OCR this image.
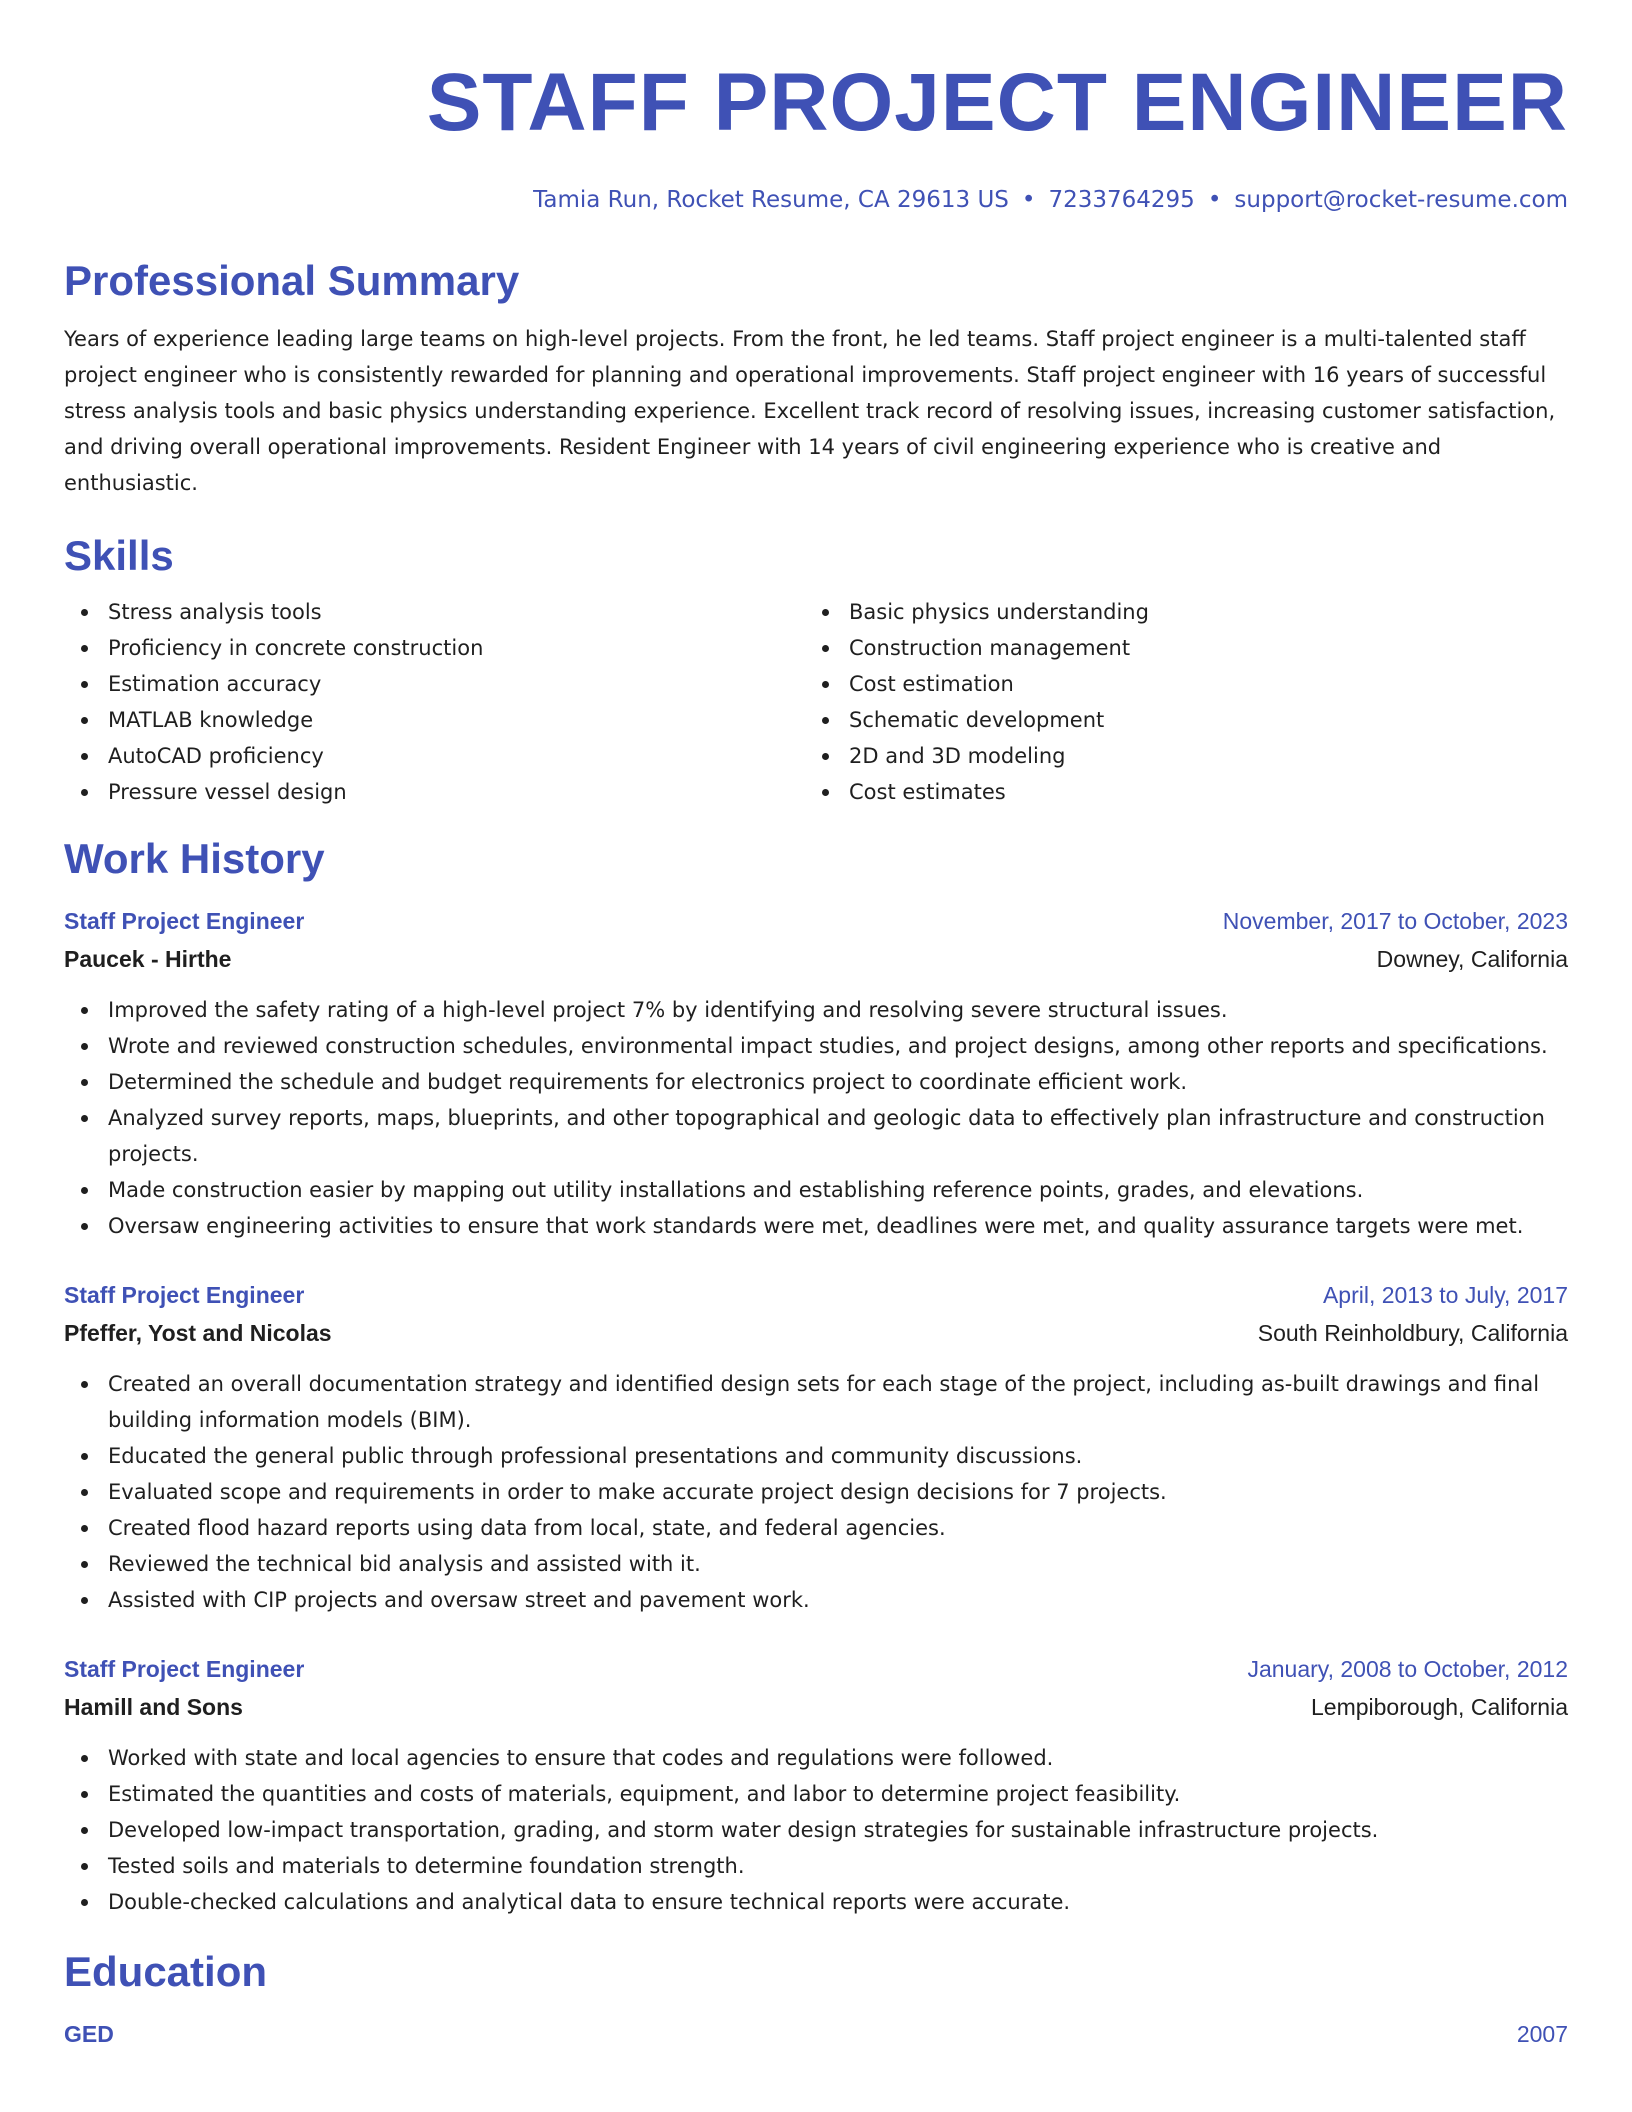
STAFF PROJECT ENGINEER
Tamia Run, Rocket Resume, CA 29613 US • 7233764295 • support@rocket-resume.com
Professional Summary
Years of experience leading large teams on high-level projects. From the front, he led teams. Staff project engineer is a multi-talented staff project engineer who is consistently rewarded for planning and operational improvements. Staff project engineer with 16 years of successful stress analysis tools and basic physics understanding experience. Excellent track record of resolving issues, increasing customer satisfaction, and driving overall operational improvements. Resident Engineer with 14 years of civil engineering experience who is creative and enthusiastic.
Skills
Stress analysis tools
Proficiency in concrete construction
Estimation accuracy
MATLAB knowledge
AutoCAD proficiency
Pressure vessel design
Basic physics understanding
Construction management
Cost estimation
Schematic development
2D and 3D modeling
Cost estimates
Work History
Staff Project Engineer	November, 2017 to October, 2023
Paucek - Hirthe	Downey, California
Improved the safety rating of a high-level project 7% by identifying and resolving severe structural issues.
Wrote and reviewed construction schedules, environmental impact studies, and project designs, among other reports and specifications.
Determined the schedule and budget requirements for electronics project to coordinate efficient work.
Analyzed survey reports, maps, blueprints, and other topographical and geologic data to effectively plan infrastructure and construction projects.
Made construction easier by mapping out utility installations and establishing reference points, grades, and elevations.
Oversaw engineering activities to ensure that work standards were met, deadlines were met, and quality assurance targets were met.
Staff Project Engineer	April, 2013 to July, 2017
Pfeffer, Yost and Nicolas	South Reinholdbury, California
Created an overall documentation strategy and identified design sets for each stage of the project, including as-built drawings and final building information models (BIM).
Educated the general public through professional presentations and community discussions.
Evaluated scope and requirements in order to make accurate project design decisions for 7 projects.
Created flood hazard reports using data from local, state, and federal agencies.
Reviewed the technical bid analysis and assisted with it.
Assisted with CIP projects and oversaw street and pavement work.
Staff Project Engineer	January, 2008 to October, 2012
Hamill and Sons	Lempiborough, California
Worked with state and local agencies to ensure that codes and regulations were followed.
Estimated the quantities and costs of materials, equipment, and labor to determine project feasibility.
Developed low-impact transportation, grading, and storm water design strategies for sustainable infrastructure projects.
Tested soils and materials to determine foundation strength.
Double-checked calculations and analytical data to ensure technical reports were accurate.
Education
GED	2007
